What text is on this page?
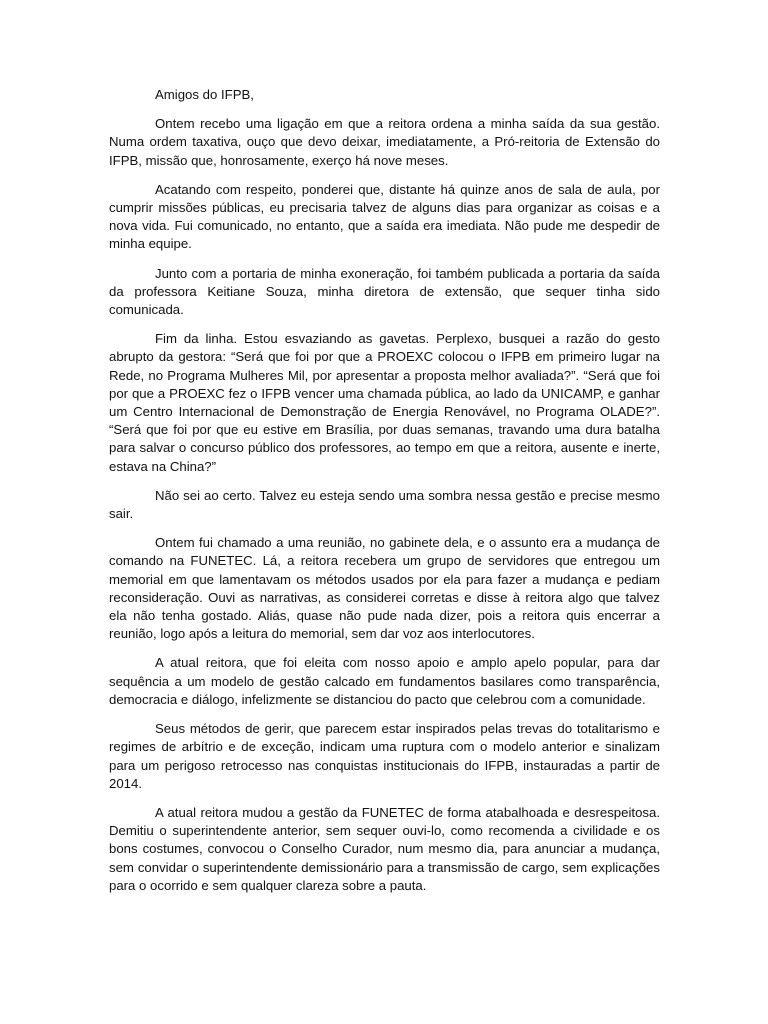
Amigos do IFPB,

Ontem recebo uma ligação em que a reitora ordena a minha saída da sua gestão. Numa ordem taxativa, ouço que devo deixar, imediatamente, a Pró-reitoria de Extensão do IFPB, missão que, honrosamente, exerço há nove meses.

Acatando com respeito, ponderei que, distante há quinze anos de sala de aula, por cumprir missões públicas, eu precisaria talvez de alguns dias para organizar as coisas e a nova vida. Fui comunicado, no entanto, que a saída era imediata. Não pude me despedir de minha equipe.

Junto com a portaria de minha exoneração, foi também publicada a portaria da saída da professora Keitiane Souza, minha diretora de extensão, que sequer tinha sido comunicada.

Fim da linha. Estou esvaziando as gavetas. Perplexo, busquei a razão do gesto abrupto da gestora: “Será que foi por que a PROEXC colocou o IFPB em primeiro lugar na Rede, no Programa Mulheres Mil, por apresentar a proposta melhor avaliada?”. “Será que foi por que a PROEXC fez o IFPB vencer uma chamada pública, ao lado da UNICAMP, e ganhar um Centro Internacional de Demonstração de Energia Renovável, no Programa OLADE?”. “Será que foi por que eu estive em Brasília, por duas semanas, travando uma dura batalha para salvar o concurso público dos professores, ao tempo em que a reitora, ausente e inerte, estava na China?”

Não sei ao certo. Talvez eu esteja sendo uma sombra nessa gestão e precise mesmo sair.

Ontem fui chamado a uma reunião, no gabinete dela, e o assunto era a mudança de comando na FUNETEC. Lá, a reitora recebera um grupo de servidores que entregou um memorial em que lamentavam os métodos usados por ela para fazer a mudança e pediam reconsideração. Ouvi as narrativas, as considerei corretas e disse à reitora algo que talvez ela não tenha gostado. Aliás, quase não pude nada dizer, pois a reitora quis encerrar a reunião, logo após a leitura do memorial, sem dar voz aos interlocutores.

A atual reitora, que foi eleita com nosso apoio e amplo apelo popular, para dar sequência a um modelo de gestão calcado em fundamentos basilares como transparência, democracia e diálogo, infelizmente se distanciou do pacto que celebrou com a comunidade.

Seus métodos de gerir, que parecem estar inspirados pelas trevas do totalitarismo e regimes de arbítrio e de exceção, indicam uma ruptura com o modelo anterior e sinalizam para um perigoso retrocesso nas conquistas institucionais do IFPB, instauradas a partir de 2014.

A atual reitora mudou a gestão da FUNETEC de forma atabalhoada e desrespeitosa. Demitiu o superintendente anterior, sem sequer ouvi-lo, como recomenda a civilidade e os bons costumes, convocou o Conselho Curador, num mesmo dia, para anunciar a mudança, sem convidar o superintendente demissionário para a transmissão de cargo, sem explicações para o ocorrido e sem qualquer clareza sobre a pauta.
